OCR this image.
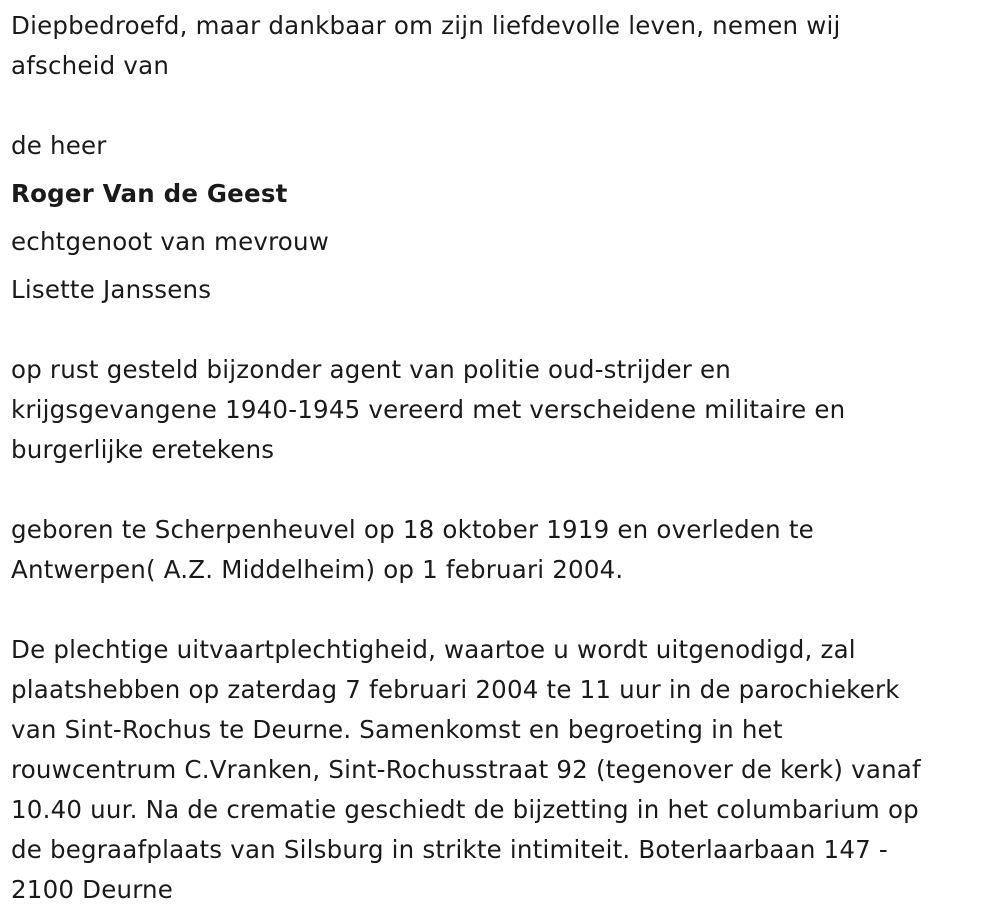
Diepbedroefd, maar dankbaar om zijn liefdevolle leven, nemen wij
afscheid van
de heer
Roger Van de Geest
echtgenoot van mevrouw
Lisette Janssens
op rust gesteld bijzonder agent van politie oud-strijder en
krijgsgevangene 1940-1945 vereerd met verscheidene militaire en
burgerlijke eretekens
geboren te Scherpenheuvel op 18 oktober 1919 en overleden te
Antwerpen( A.Z. Middelheim) op 1 februari 2004.
De plechtige uitvaartplechtigheid, waartoe u wordt uitgenodigd, zal
plaatshebben op zaterdag 7 februari 2004 te 11 uur in de parochiekerk
van Sint-Rochus te Deurne. Samenkomst en begroeting in het
rouwcentrum C.Vranken, Sint-Rochusstraat 92 (tegenover de kerk) vanaf
10.40 uur. Na de crematie geschiedt de bijzetting in het columbarium op
de begraafplaats van Silsburg in strikte intimiteit. Boterlaarbaan 147 -
2100 Deurne
